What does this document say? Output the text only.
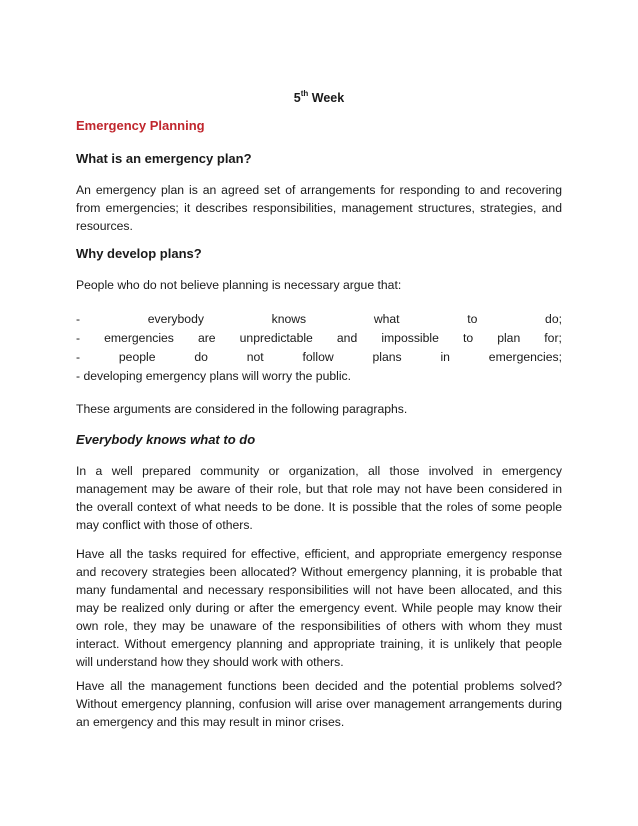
5th Week
Emergency Planning
What is an emergency plan?
An emergency plan is an agreed set of arrangements for responding to and recovering from emergencies; it describes responsibilities, management structures, strategies, and resources.
Why develop plans?
People who do not believe planning is necessary argue that:
-	everybody	knows	what	to	do;
- emergencies are unpredictable and impossible to plan for;
-	people	do	not	follow	plans	in	emergencies;
- developing emergency plans will worry the public.
These arguments are considered in the following paragraphs.
Everybody knows what to do
In a well prepared community or organization, all those involved in emergency management may be aware of their role, but that role may not have been considered in the overall context of what needs to be done. It is possible that the roles of some people may conflict with those of others.
Have all the tasks required for effective, efficient, and appropriate emergency response and recovery strategies been allocated? Without emergency planning, it is probable that many fundamental and necessary responsibilities will not have been allocated, and this may be realized only during or after the emergency event. While people may know their own role, they may be unaware of the responsibilities of others with whom they must interact. Without emergency planning and appropriate training, it is unlikely that people will understand how they should work with others.
Have all the management functions been decided and the potential problems solved? Without emergency planning, confusion will arise over management arrangements during an emergency and this may result in minor crises.
